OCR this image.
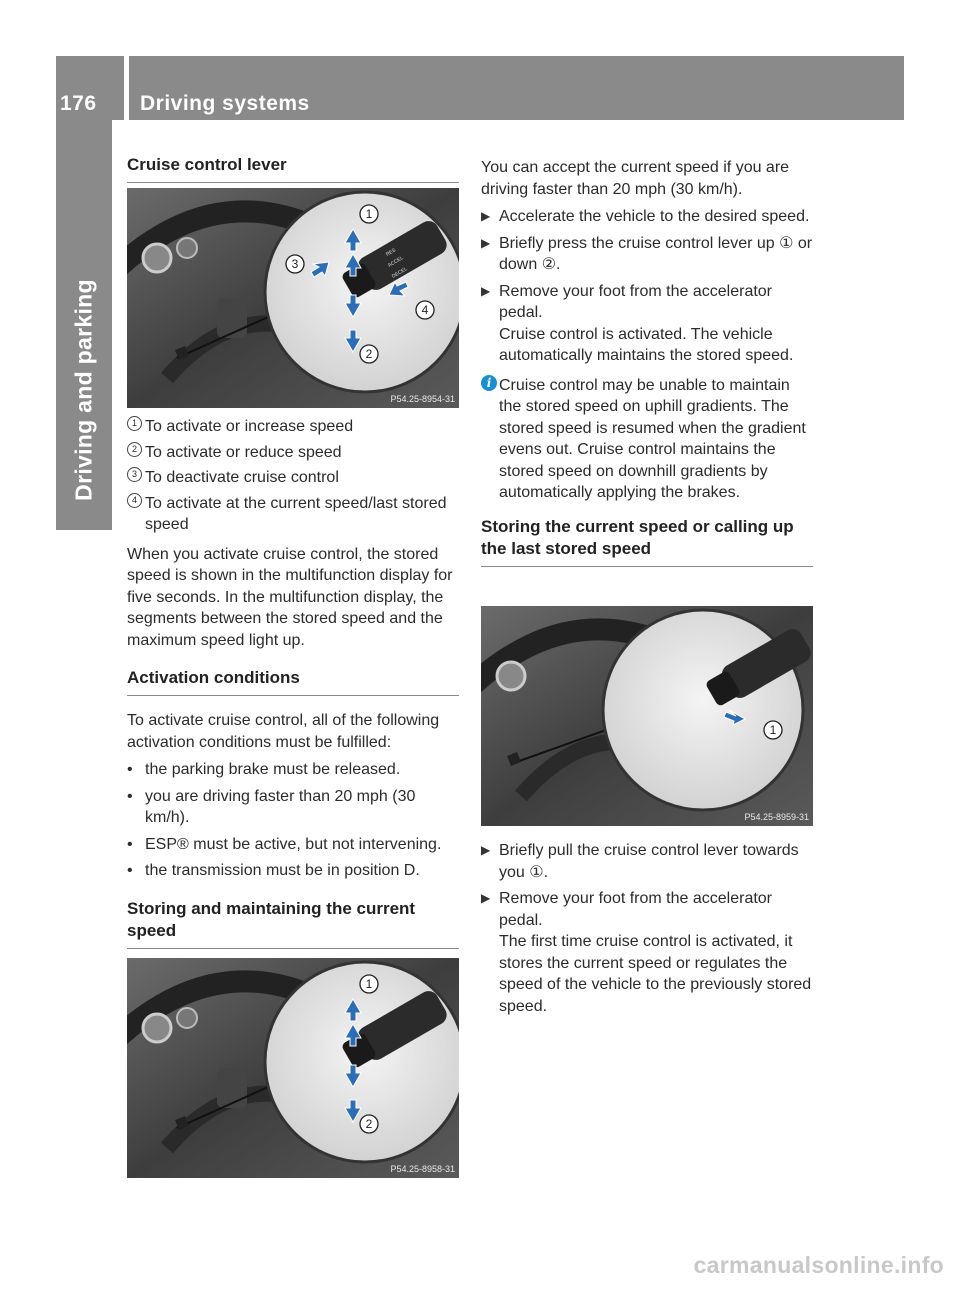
176 Driving systems
Driving and parking
Cruise control lever
RES
ACCEL
DECEL
1
2
3
4
P54.25-8954-31
1 To activate or increase speed
2 To activate or reduce speed
3 To deactivate cruise control
4 To activate at the current speed/last stored speed

When you activate cruise control, the stored speed is shown in the multifunction display for five seconds. In the multifunction display, the segments between the stored speed and the maximum speed light up.

Activation conditions

To activate cruise control, all of the following activation conditions must be fulfilled:

• the parking brake must be released.
• you are driving faster than 20 mph (30 km/h).
• ESP® must be active, but not intervening.
• the transmission must be in position D.
Storing and maintaining the current speed
1
2
P54.25-8958-31

You can accept the current speed if you are driving faster than 20 mph (30 km/h).

▶ Accelerate the vehicle to the desired speed.
▶ Briefly press the cruise control lever up ① or down ②.
▶ Remove your foot from the accelerator pedal.
Cruise control is activated. The vehicle automatically maintains the stored speed.
i Cruise control may be unable to maintain the stored speed on uphill gradients. The stored speed is resumed when the gradient evens out. Cruise control maintains the stored speed on downhill gradients by automatically applying the brakes.
Storing the current speed or calling up the last stored speed
1
P54.25-8959-31
▶ Briefly pull the cruise control lever towards you ①.
▶ Remove your foot from the accelerator pedal.
The first time cruise control is activated, it stores the current speed or regulates the speed of the vehicle to the previously stored speed.
carmanualsonline.info
